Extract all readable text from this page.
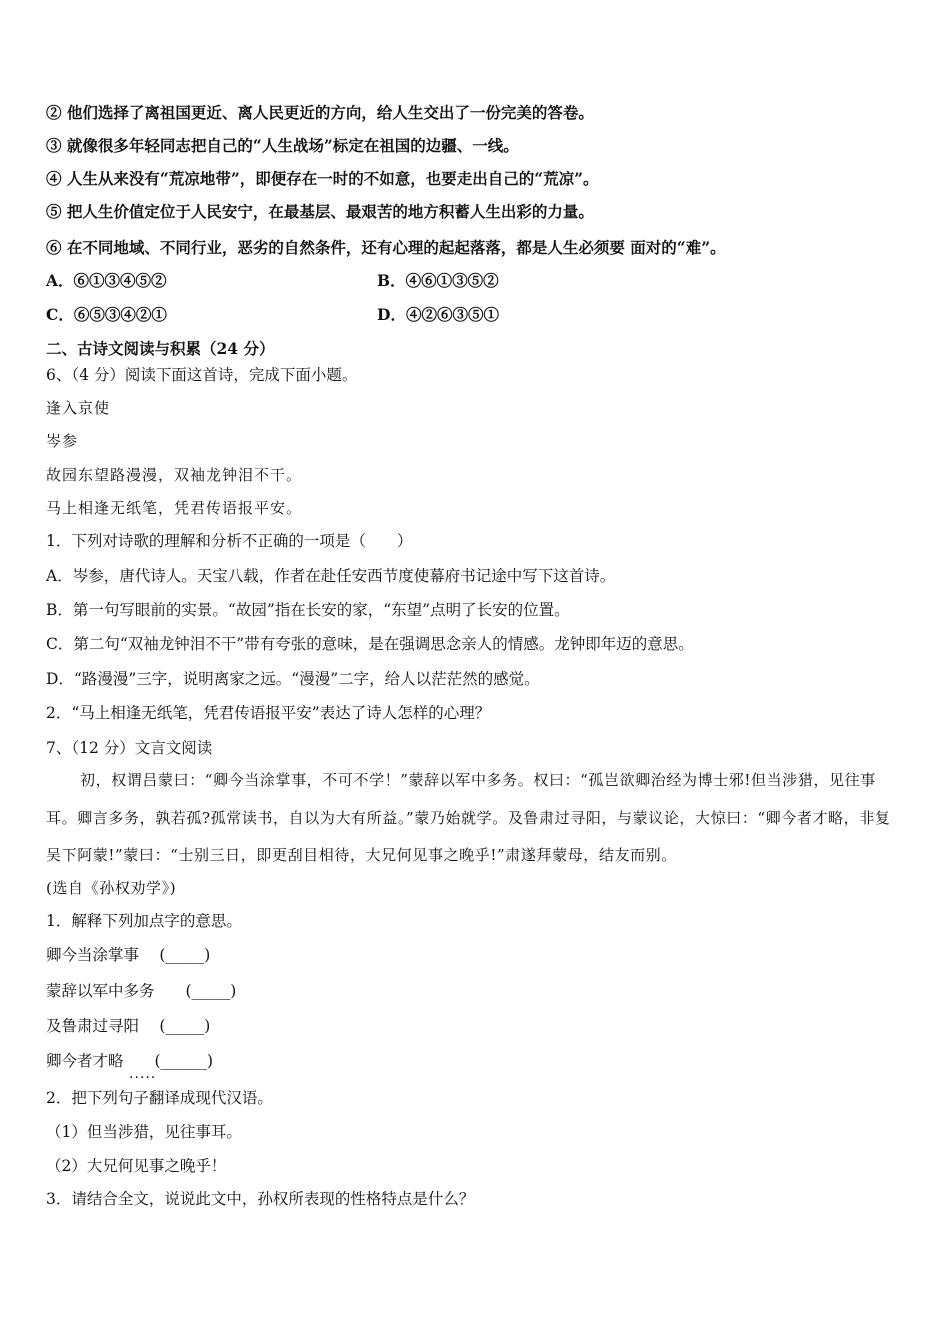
② 他们选择了离祖国更近、离人民更近的方向，给人生交出了一份完美的答卷。
③ 就像很多年轻同志把自己的“人生战场”标定在祖国的边疆、一线。
④ 人生从来没有“荒凉地带”，即便存在一时的不如意，也要走出自己的“荒凉”。
⑤ 把人生价值定位于人民安宁，在最基层、最艰苦的地方积蓄人生出彩的力量。
⑥ 在不同地域、不同行业，恶劣的自然条件，还有心理的起起落落，都是人生必须要 面对的“难”。
A．⑥①③④⑤②	B．④⑥①③⑤②
C．⑥⑤③④②①	D．④②⑥③⑤①
二、古诗文阅读与积累（24 分）
6、（4 分）阅读下面这首诗，完成下面小题。
逢入京使
岑参
故园东望路漫漫，双袖龙钟泪不干。
马上相逢无纸笔，凭君传语报平安。
1．下列对诗歌的理解和分析不正确的一项是（　　）
A．岑参，唐代诗人。天宝八载，作者在赴任安西节度使幕府书记途中写下这首诗。
B．第一句写眼前的实景。“故园”指在长安的家，“东望”点明了长安的位置。
C．第二句“双袖龙钟泪不干”带有夸张的意味，是在强调思念亲人的情感。龙钟即年迈的意思。
D．“路漫漫”三字，说明离家之远。“漫漫”二字，给人以茫茫然的感觉。
2．“马上相逢无纸笔，凭君传语报平安”表达了诗人怎样的心理？
7、（12 分）文言文阅读
初，权谓吕蒙曰：“卿今当涂掌事，不可不学！”蒙辞以军中多务。权曰：“孤岂欲卿治经为博士邪!但当涉猎，见往事
耳。卿言多务，孰若孤?孤常读书，自以为大有所益。”蒙乃始就学。及鲁肃过寻阳，与蒙议论，大惊曰：“卿今者才略，非复
吴下阿蒙!”蒙曰：“士别三日，即更刮目相待，大兄何见事之晚乎!”肃遂拜蒙母，结友而别。
(选自《孙权劝学》)
1．解释下列加点字的意思。
卿今当涂掌事　 (_____)
蒙辞以军中多务　　(_____)
及鲁肃过寻阳　 (_____)
卿今者才略　　(______)
.....
2．把下列句子翻译成现代汉语。
（1）但当涉猎，见往事耳。
（2）大兄何见事之晚乎！
3．请结合全文，说说此文中，孙权所表现的性格特点是什么？
